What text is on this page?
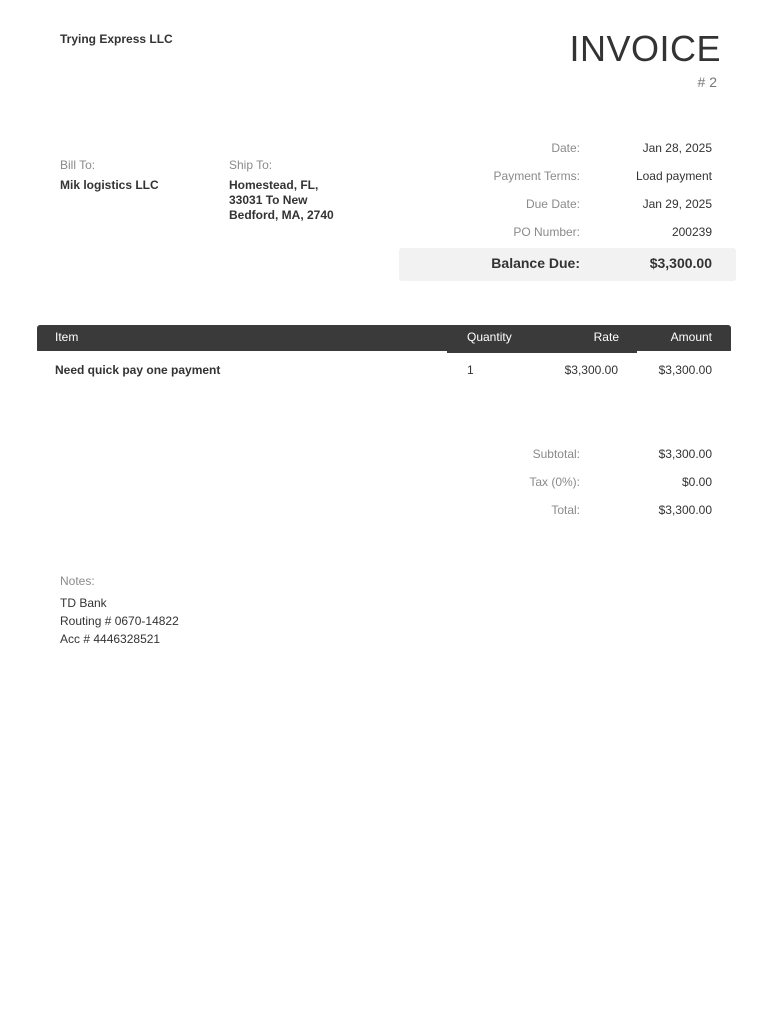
Trying Express LLC	INVOICE
# 2
Bill To:
Mik logistics LLC
Ship To:
Homestead, FL, 33031 To New Bedford, MA, 2740
Date:	Jan 28, 2025
Payment Terms:	Load payment
Due Date:	Jan 29, 2025
PO Number:	200239
Balance Due:	$3,300.00
Item	Quantity	Rate	Amount
Need quick pay one payment	1	$3,300.00	$3,300.00
Subtotal:	$3,300.00
Tax (0%):	$0.00
Total:	$3,300.00
Notes:
TD Bank
Routing # 0670-14822
Acc # 4446328521
